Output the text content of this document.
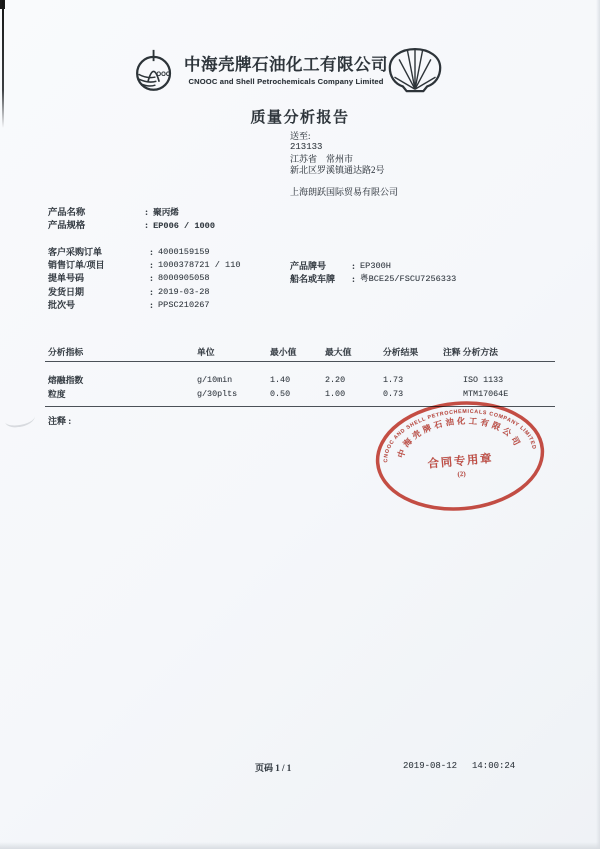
OOC
中海壳牌石油化工有限公司
CNOOC and Shell Petrochemicals Company Limited
质量分析报告
送至:
213133
江苏省　常州市
新北区罗溪镇通达路2号
上海朗跃国际贸易有限公司
产品名称	: 聚丙烯
产品规格	: EP006 / 1000
客户采购订单	: 4000159159
销售订单/项目	: 1000378721 / 110
提单号码	: 8000905058
发货日期	: 2019-03-28
批次号	: PPSC210267
产品牌号	: EP300H
船名或车牌	: 粤BCE25/FSCU7256333
分析指标	单位	最小值	最大值	分析结果	注释 分析方法
熔融指数	g/10min	1.40	2.20	1.73	ISO 1133
粒度	g/30plts	0.50	1.00	0.73	MTM17064E
注释 :
CNOOC AND SHELL PETROCHEMICALS COMPANY LIMITED
中海壳牌石油化工有限公司
合同专用章
(2)
页码 1 / 1	2019-08-12 14:00:24
